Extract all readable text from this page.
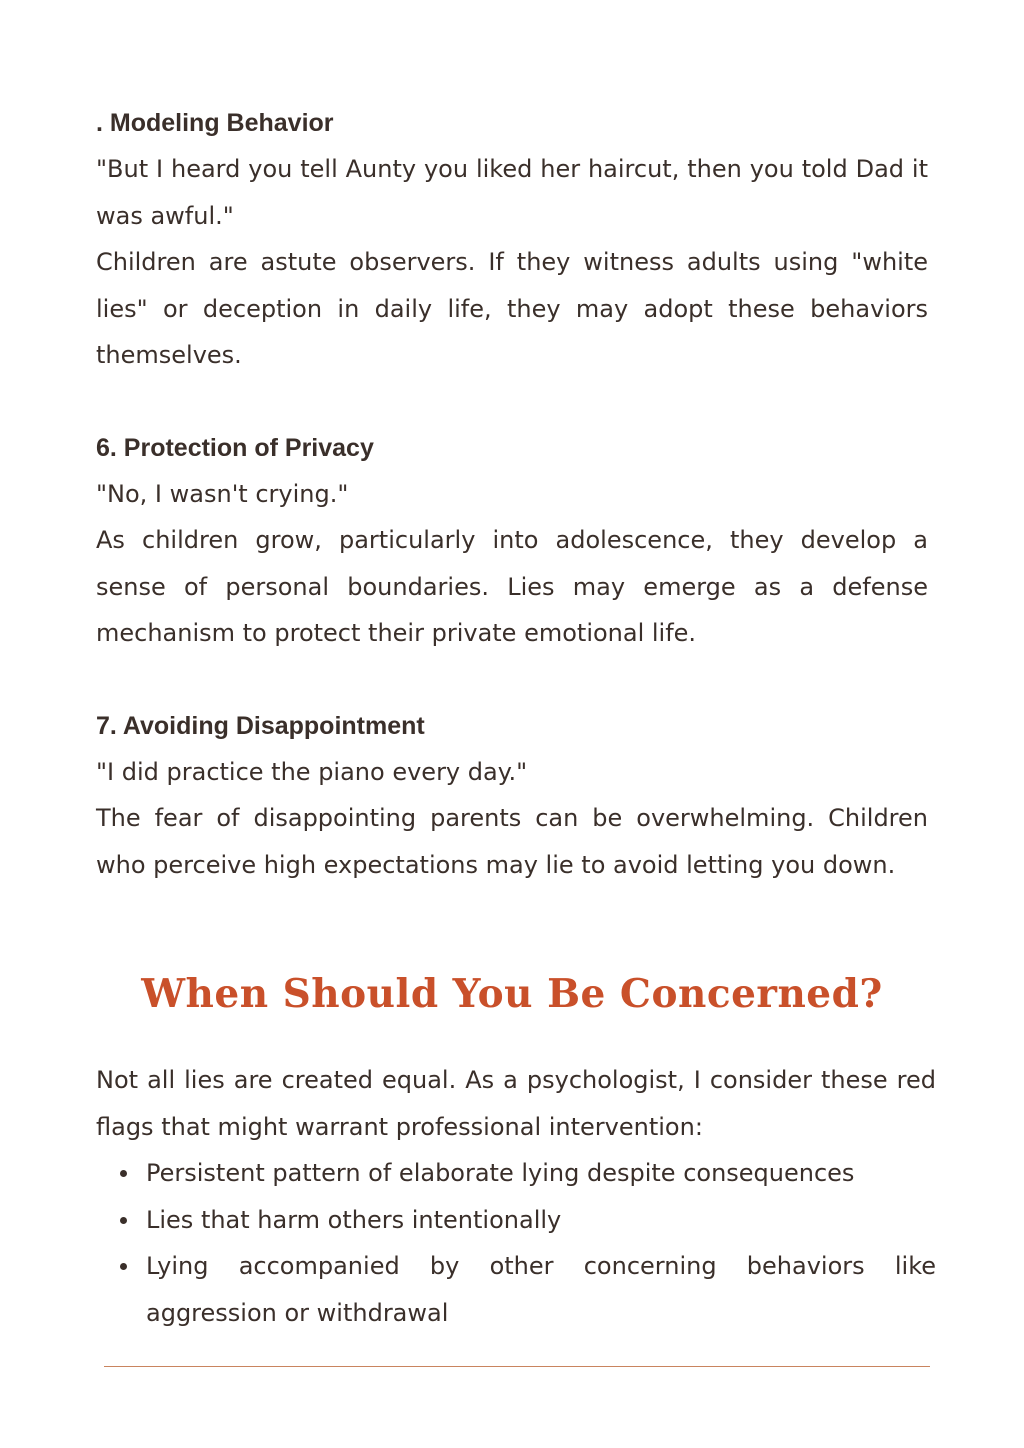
. Modeling Behavior

"But I heard you tell Aunty you liked her haircut, then you told Dad it was awful."

Children are astute observers. If they witness adults using "white lies" or deception in daily life, they may adopt these behaviors themselves.

6. Protection of Privacy

"No, I wasn't crying."

As children grow, particularly into adolescence, they develop a sense of personal boundaries. Lies may emerge as a defense mechanism to protect their private emotional life.

7. Avoiding Disappointment

"I did practice the piano every day."

The fear of disappointing parents can be overwhelming. Children who perceive high expectations may lie to avoid letting you down.

When Should You Be Concerned?

Not all lies are created equal. As a psychologist, I consider these red flags that might warrant professional intervention:

Persistent pattern of elaborate lying despite consequences
Lies that harm others intentionally
Lying accompanied by other concerning behaviors like aggression or withdrawal
